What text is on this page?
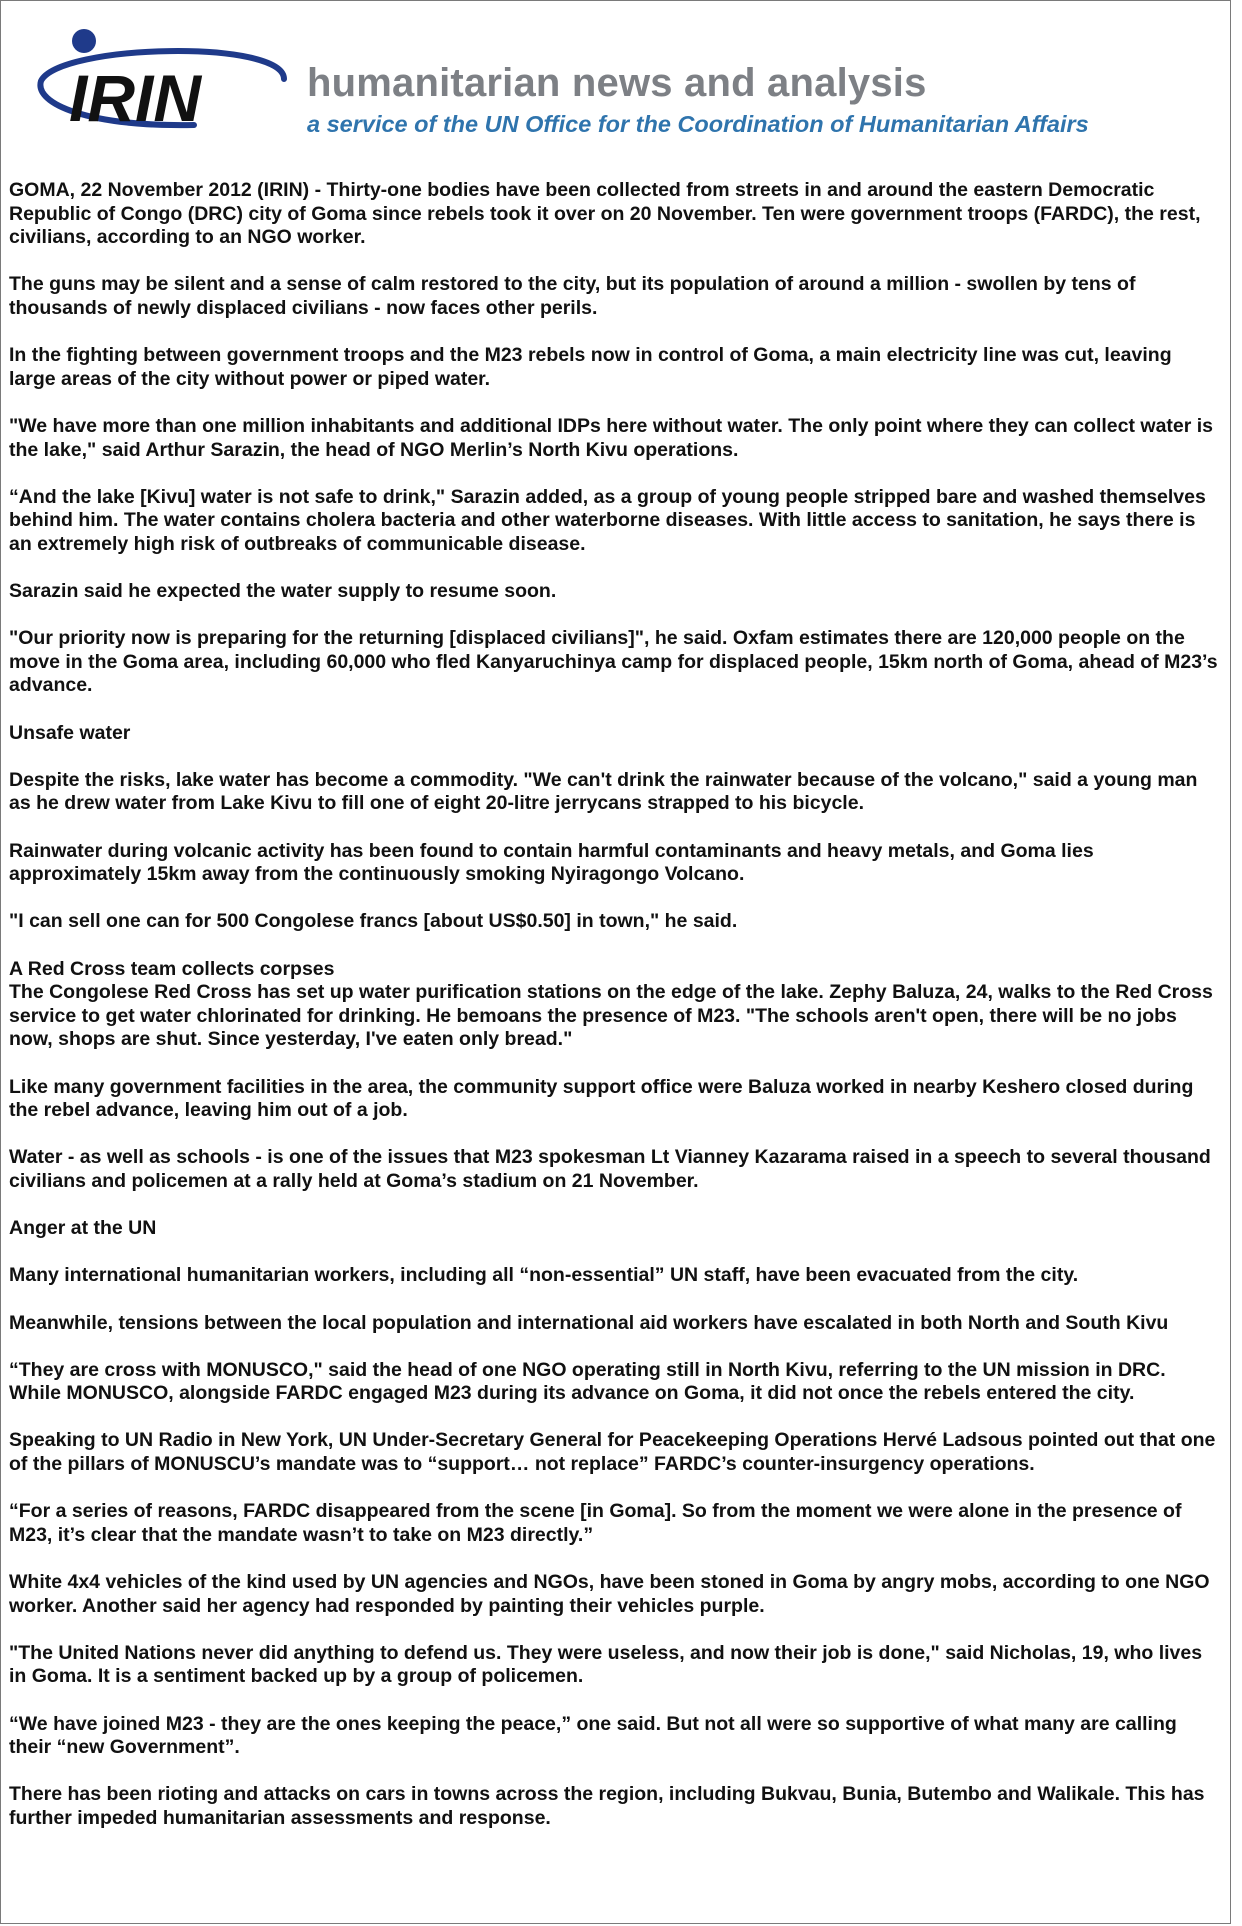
IRIN	humanitarian news and analysis
a service of the UN Office for the Coordination of Humanitarian Affairs

GOMA, 22 November 2012 (IRIN) - Thirty-one bodies have been collected from streets in and around the eastern Democratic Republic of Congo (DRC) city of Goma since rebels took it over on 20 November. Ten were government troops (FARDC), the rest, civilians, according to an NGO worker.

The guns may be silent and a sense of calm restored to the city, but its population of around a million - swollen by tens of thousands of newly displaced civilians - now faces other perils.

In the fighting between government troops and the M23 rebels now in control of Goma, a main electricity line was cut, leaving large areas of the city without power or piped water.

"We have more than one million inhabitants and additional IDPs here without water. The only point where they can collect water is the lake," said Arthur Sarazin, the head of NGO Merlin’s North Kivu operations.

“And the lake [Kivu] water is not safe to drink," Sarazin added, as a group of young people stripped bare and washed themselves behind him. The water contains cholera bacteria and other waterborne diseases. With little access to sanitation, he says there is an extremely high risk of outbreaks of communicable disease.

Sarazin said he expected the water supply to resume soon.

"Our priority now is preparing for the returning [displaced civilians]", he said. Oxfam estimates there are 120,000 people on the move in the Goma area, including 60,000 who fled Kanyaruchinya camp for displaced people, 15km north of Goma, ahead of M23’s advance.

Unsafe water

Despite the risks, lake water has become a commodity. "We can't drink the rainwater because of the volcano," said a young man as he drew water from Lake Kivu to fill one of eight 20-litre jerrycans strapped to his bicycle.

Rainwater during volcanic activity has been found to contain harmful contaminants and heavy metals, and Goma lies approximately 15km away from the continuously smoking Nyiragongo Volcano.

"I can sell one can for 500 Congolese francs [about US$0.50] in town," he said.

A Red Cross team collects corpses

The Congolese Red Cross has set up water purification stations on the edge of the lake. Zephy Baluza, 24, walks to the Red Cross service to get water chlorinated for drinking. He bemoans the presence of M23. "The schools aren't open, there will be no jobs now, shops are shut. Since yesterday, I've eaten only bread."

Like many government facilities in the area, the community support office were Baluza worked in nearby Keshero closed during the rebel advance, leaving him out of a job.

Water - as well as schools - is one of the issues that M23 spokesman Lt Vianney Kazarama raised in a speech to several thousand civilians and policemen at a rally held at Goma’s stadium on 21 November.

Anger at the UN

Many international humanitarian workers, including all “non-essential” UN staff, have been evacuated from the city.

Meanwhile, tensions between the local population and international aid workers have escalated in both North and South Kivu

“They are cross with MONUSCO," said the head of one NGO operating still in North Kivu, referring to the UN mission in DRC. While MONUSCO, alongside FARDC engaged M23 during its advance on Goma, it did not once the rebels entered the city.

Speaking to UN Radio in New York, UN Under-Secretary General for Peacekeeping Operations Hervé Ladsous pointed out that one of the pillars of MONUSCU’s mandate was to “support… not replace” FARDC’s counter-insurgency operations.

“For a series of reasons, FARDC disappeared from the scene [in Goma]. So from the moment we were alone in the presence of M23, it’s clear that the mandate wasn’t to take on M23 directly.”

White 4x4 vehicles of the kind used by UN agencies and NGOs, have been stoned in Goma by angry mobs, according to one NGO worker. Another said her agency had responded by painting their vehicles purple.

"The United Nations never did anything to defend us. They were useless, and now their job is done," said Nicholas, 19, who lives in Goma. It is a sentiment backed up by a group of policemen.

“We have joined M23 - they are the ones keeping the peace,” one said. But not all were so supportive of what many are calling their “new Government”.

There has been rioting and attacks on cars in towns across the region, including Bukvau, Bunia, Butembo and Walikale. This has further impeded humanitarian assessments and response.
